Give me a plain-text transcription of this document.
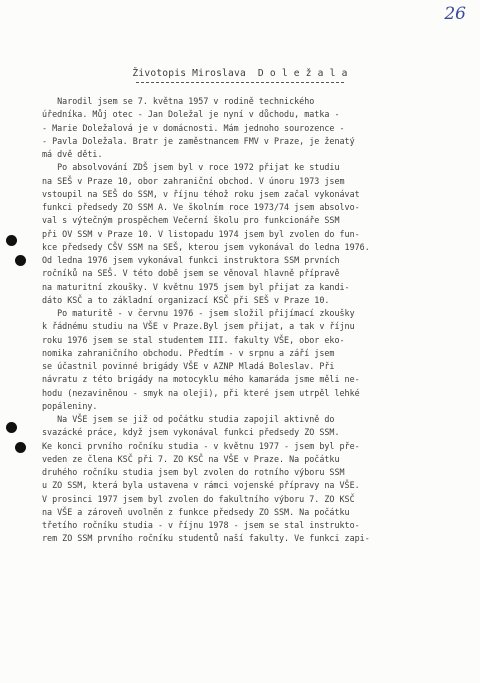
26
Životopis Miroslava  D o l e ž a l a
Narodil jsem se 7. května 1957 v rodině technického
úředníka. Můj otec - Jan Doležal je nyní v důchodu, matka -
- Marie Doležalová je v domácnosti. Mám jednoho sourozence -
- Pavla Doležala. Bratr je zaměstnancem FMV v Praze, je ženatý
má dvě děti.
Po absolvování ZDŠ jsem byl v roce 1972 přijat ke studiu
na SEŠ v Praze 10, obor zahraniční obchod. V únoru 1973 jsem
vstoupil na SEŠ do SSM, v říjnu téhož roku jsem začal vykonávat
funkci předsedy ZO SSM A. Ve školním roce 1973/74 jsem absolvo-
val s výtečným prospěchem Večerní školu pro funkcionáře SSM
při OV SSM v Praze 10. V listopadu 1974 jsem byl zvolen do fun-
kce předsedy CŠV SSM na SEŠ, kterou jsem vykonával do ledna 1976.
Od ledna 1976 jsem vykonával funkci instruktora SSM prvních
ročníků na SEŠ. V této době jsem se věnoval hlavně přípravě
na maturitní zkoušky. V květnu 1975 jsem byl přijat za kandi-
dáto KSČ a to základní organizací KSČ při SEŠ v Praze 10.
Po maturitě - v červnu 1976 - jsem složil přijímací zkoušky
k řádnému studiu na VŠE v Praze.Byl jsem přijat, a tak v říjnu
roku 1976 jsem se stal studentem III. fakulty VŠE, obor eko-
nomika zahraničního obchodu. Předtím - v srpnu a září jsem
se účastnil povinné brigády VŠE v AZNP Mladá Boleslav. Při
návratu z této brigády na motocyklu mého kamaráda jsme měli ne-
hodu (nezaviněnou - smyk na oleji), při které jsem utrpěl lehké
popáleniny.
Na VŠE jsem se již od počátku studia zapojil aktivně do
svazácké práce, když jsem vykonával funkci předsedy ZO SSM.
Ke konci prvního ročníku studia - v květnu 1977 - jsem byl pře-
veden ze člena KSČ při 7. ZO KSČ na VŠE v Praze. Na počátku
druhého ročníku studia jsem byl zvolen do rotního výboru SSM
u ZO SSM, která byla ustavena v rámci vojenské přípravy na VŠE.
V prosinci 1977 jsem byl zvolen do fakultního výboru 7. ZO KSČ
na VŠE a zároveň uvolněn z funkce předsedy ZO SSM. Na počátku
třetího ročníku studia - v říjnu 1978 - jsem se stal instrukto-
rem ZO SSM prvního ročníku studentů naší fakulty. Ve funkci zapi-
